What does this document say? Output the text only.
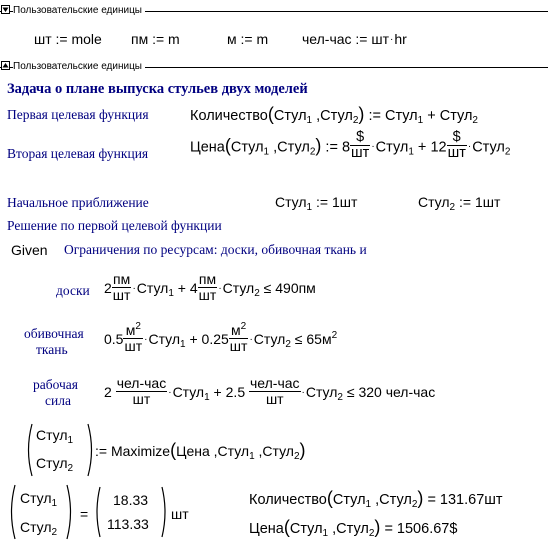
Пользовательские единицы
шт := mole пм := m	м := m чел-час := шт·hr
Пользовательские единицы
Задача о плане выпуска стульев двух моделей
Первая целевая функция	Количество(Стул$_1$ ,Стул$_2$) := Стул$_1$ + Стул$_2$
Вторая целевая функция	Цена(Стул$_1$ ,Стул$_2$) := $8 \frac{\$}{шт}$ ·Стул$_1$ + $12 \frac{\$}{шт}$ ·Стул$_2$
Начальное приближение	Стул$_1$ := 1шт	Стул$_2$ := 1шт
Решение по первой целевой функции
Given Ограничения по ресурсам: доски, обивочная ткань и
доски $2 \frac{пм}{шт}$ ·Стул$_1$ + $4 \frac{пм}{шт}$ ·Стул$_2$ ≤ 490пм
обивочная
ткань
$0.5 \frac{м^2}{шт}$ ·Стул$_1$ + $0.25 \frac{м^2}{шт}$ ·Стул$_2$ ≤ $65м^2$
рабочая
сила
$2 \frac{\text{чел-час}}{шт}$ ·Стул$_1$ + $2.5 \frac{\text{чел-час}}{шт}$ ·Стул$_2$ ≤ 320 чел-час
Стул$_1$
Стул$_2$
:= Maximize(Цена ,Стул$_1$ ,Стул$_2$)
Стул$_1$
Стул$_2$
=
18.33
113.33
шт
Количество(Стул$_1$ ,Стул$_2$) = 131.67шт
Цена(Стул$_1$ ,Стул$_2$) = 1506.67$
